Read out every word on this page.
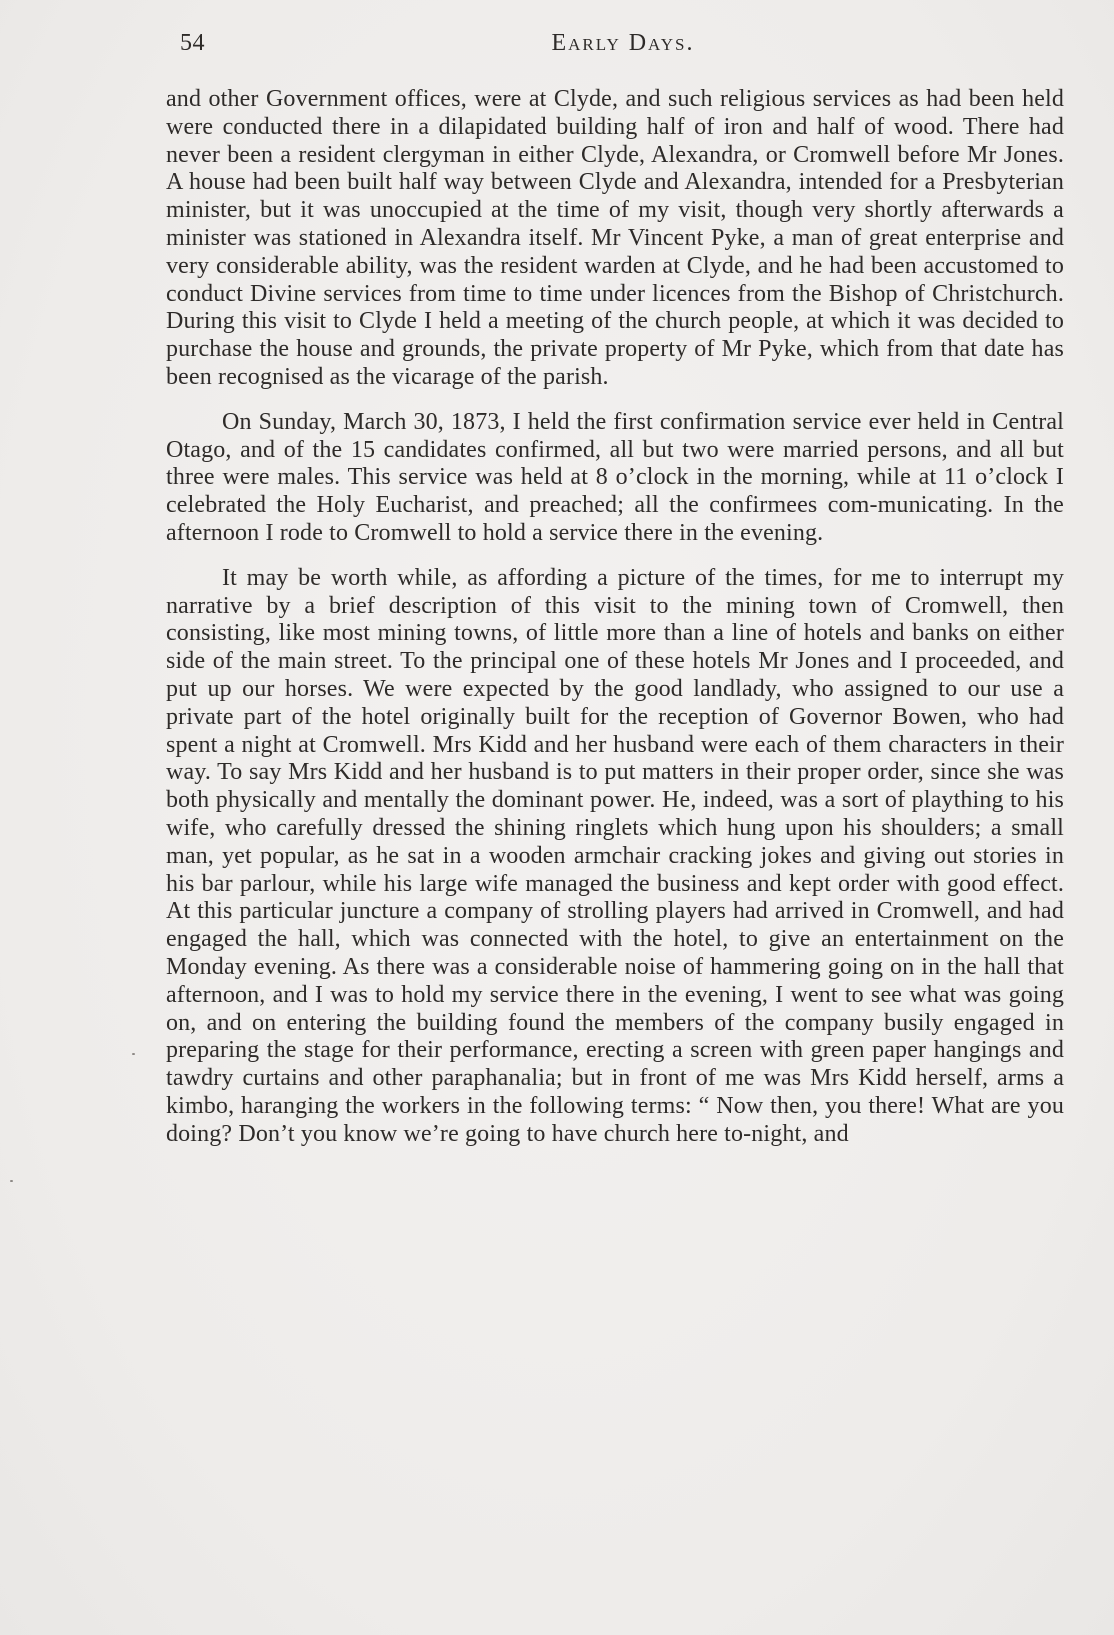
54	Early Days.

and other Government offices, were at Clyde, and such religious services as had been held were conducted there in a dilapidated building half of iron and half of wood. There had never been a resident clergyman in either Clyde, Alexandra, or Cromwell before Mr Jones. A house had been built half way between Clyde and Alexandra, intended for a Presbyterian minister, but it was unoccupied at the time of my visit, though very shortly afterwards a minister was stationed in Alexandra itself. Mr Vincent Pyke, a man of great enterprise and very considerable ability, was the resident warden at Clyde, and he had been accustomed to conduct Divine services from time to time under licences from the Bishop of Christchurch. During this visit to Clyde I held a meeting of the church people, at which it was decided to purchase the house and grounds, the private property of Mr Pyke, which from that date has been recognised as the vicarage of the parish.

On Sunday, March 30, 1873, I held the first confirmation service ever held in Central Otago, and of the 15 candidates confirmed, all but two were married persons, and all but three were males. This service was held at 8 o’clock in the morning, while at 11 o’clock I celebrated the Holy Eucharist, and preached; all the confirmees com-municating. In the afternoon I rode to Cromwell to hold a service there in the evening.

It may be worth while, as affording a picture of the times, for me to interrupt my narrative by a brief description of this visit to the mining town of Cromwell, then consisting, like most mining towns, of little more than a line of hotels and banks on either side of the main street. To the principal one of these hotels Mr Jones and I proceeded, and put up our horses. We were expected by the good landlady, who assigned to our use a private part of the hotel originally built for the reception of Governor Bowen, who had spent a night at Cromwell. Mrs Kidd and her husband were each of them characters in their way. To say Mrs Kidd and her husband is to put matters in their proper order, since she was both physically and mentally the dominant power. He, indeed, was a sort of plaything to his wife, who carefully dressed the shining ringlets which hung upon his shoulders; a small man, yet popular, as he sat in a wooden armchair cracking jokes and giving out stories in his bar parlour, while his large wife managed the business and kept order with good effect. At this particular juncture a company of strolling players had arrived in Cromwell, and had engaged the hall, which was connected with the hotel, to give an entertainment on the Monday evening. As there was a considerable noise of hammering going on in the hall that afternoon, and I was to hold my service there in the evening, I went to see what was going on, and on entering the building found the members of the company busily engaged in preparing the stage for their performance, erecting a screen with green paper hangings and tawdry curtains and other paraphanalia; but in front of me was Mrs Kidd herself, arms a kimbo, haranging the workers in the following terms: “ Now then, you there! What are you doing? Don’t you know we’re going to have church here to-night, and
